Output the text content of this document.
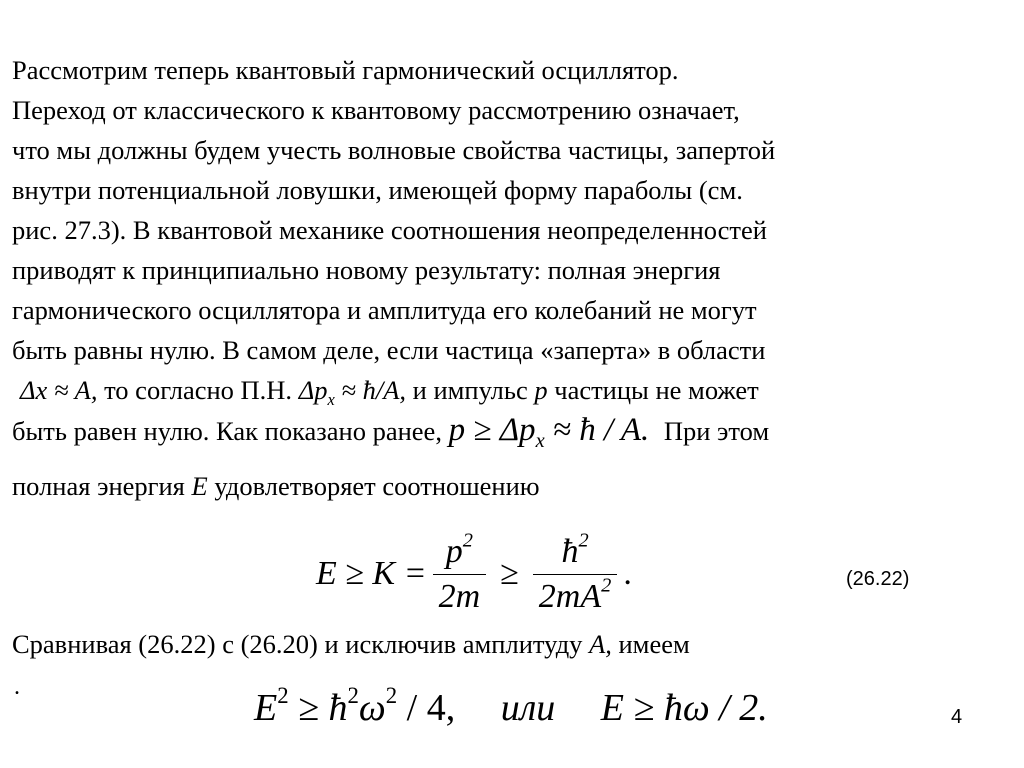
Рассмотрим теперь квантовый гармонический осциллятор.
Переход от классического к квантовому рассмотрению означает,
что мы должны будем учесть волновые свойства частицы, запертой
внутри потенциальной ловушки, имеющей форму параболы (см.
рис. 27.3). В квантовой механике соотношения неопределенностей
приводят к принципиально новому результату: полная энергия
гармонического осциллятора и амплитуда его колебаний не могут
быть равны нулю. В самом деле, если частица «заперта» в области
Δx ≈ A, то согласно П.Н. $\Delta p_x$ ≈ ħ/A, и импульс p частицы не может
быть равен нулю. Как показано ранее, $p \ge \Delta p_x$ ≈ ħ / A. При этом
полная энергия E удовлетворяет соотношению
$E \ge K = \frac{p^2}{2m} \ge \frac{ħ^2}{2mA^2}$ .	(26.22)
Сравнивая (26.22) с (26.20) и исключив амплитуду A, имеем
.	$E^2$ ≥ $ħ^2\omega^2 / 4$, или E ≥ ħω / 2.	4
